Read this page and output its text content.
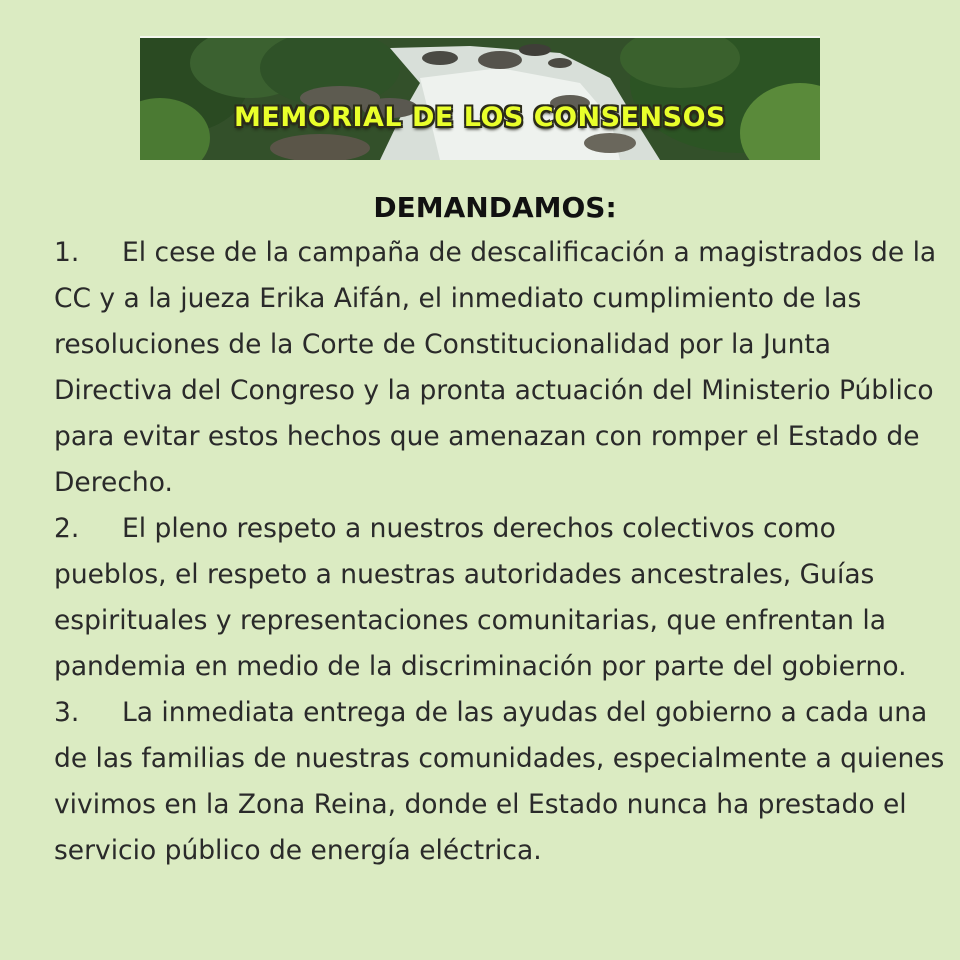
MEMORIAL DE LOS CONSENSOS
DEMANDAMOS:

1. El cese de la campaña de descalificación a magistrados de la CC y a la jueza Erika Aifán, el inmediato cumplimiento de las resoluciones de la Corte de Constitucionalidad por la Junta Directiva del Congreso y la pronta actuación del Ministerio Público para evitar estos hechos que amenazan con romper el Estado de Derecho.

2. El pleno respeto a nuestros derechos colectivos como pueblos, el respeto a nuestras autoridades ancestrales, Guías espirituales y representaciones comunitarias, que enfrentan la pandemia en medio de la discriminación por parte del gobierno.

3. La inmediata entrega de las ayudas del gobierno a cada una de las familias de nuestras comunidades, especialmente a quienes vivimos en la Zona Reina, donde el Estado nunca ha prestado el servicio público de energía eléctrica.
